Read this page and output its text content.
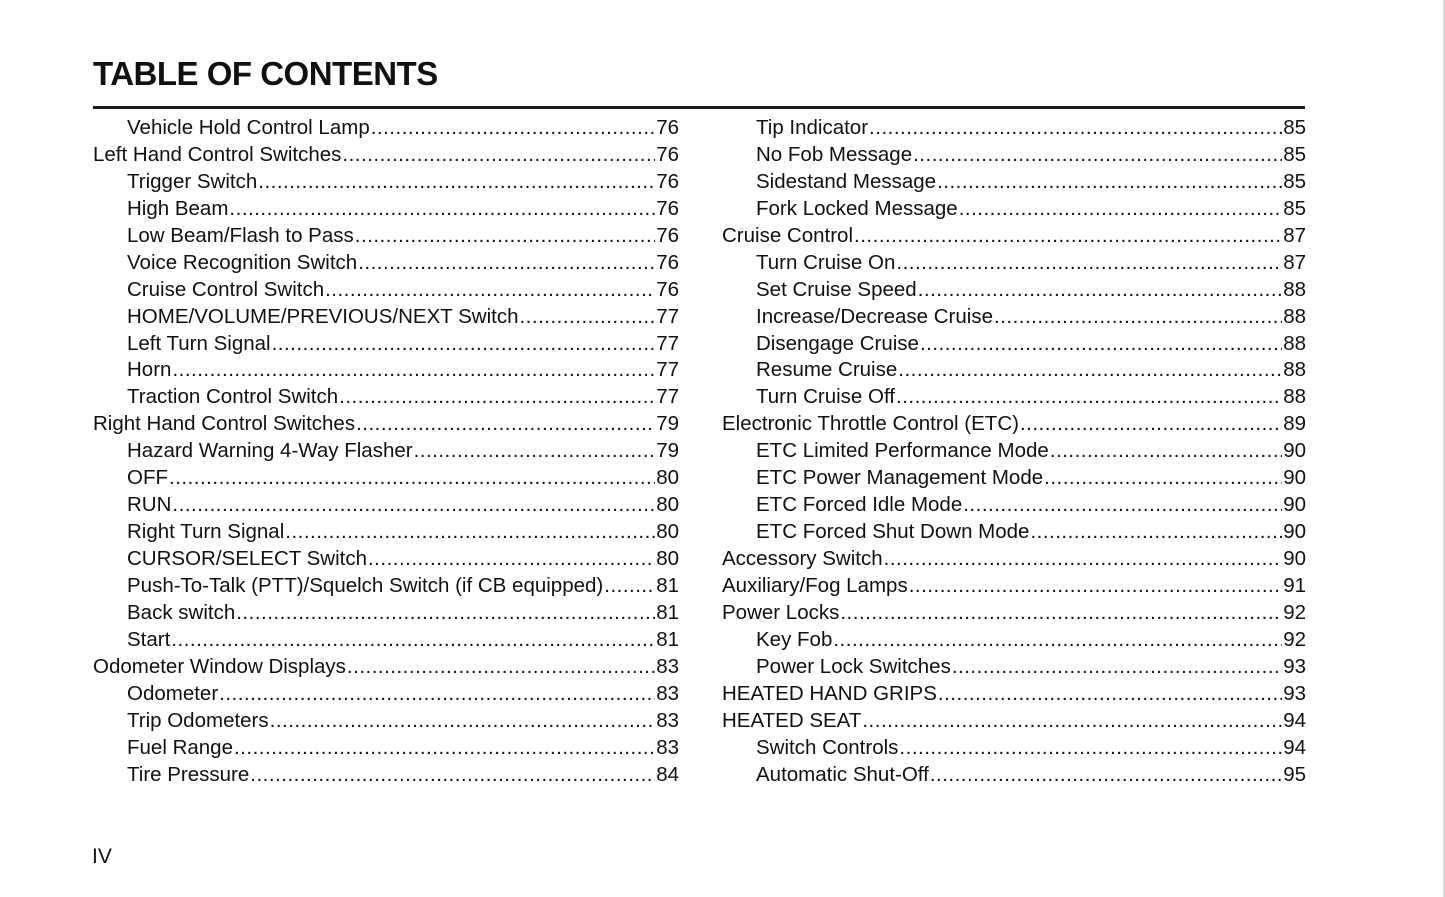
TABLE OF CONTENTS
Vehicle Hold Control Lamp .....	76
Left Hand Control Switches .....	76
Trigger Switch .....	76
High Beam .....	76
Low Beam/Flash to Pass .....	76
Voice Recognition Switch .....	76
Cruise Control Switch .....	76
HOME/VOLUME/PREVIOUS/NEXT Switch .....	77
Left Turn Signal .....	77
Horn .....	77
Traction Control Switch .....	77
Right Hand Control Switches .....	79
Hazard Warning 4-Way Flasher .....	79
OFF .....	80
RUN .....	80
Right Turn Signal .....	80
CURSOR/SELECT Switch .....	80
Push-To-Talk (PTT)/Squelch Switch (if CB equipped) .....	81
Back switch .....	81
Start .....	81
Odometer Window Displays .....	83
Odometer .....	83
Trip Odometers .....	83
Fuel Range .....	83
Tire Pressure .....	84
Tip Indicator .....	85
No Fob Message .....	85
Sidestand Message .....	85
Fork Locked Message .....	85
Cruise Control .....	87
Turn Cruise On .....	87
Set Cruise Speed .....	88
Increase/Decrease Cruise .....	88
Disengage Cruise .....	88
Resume Cruise .....	88
Turn Cruise Off .....	88
Electronic Throttle Control (ETC) .....	89
ETC Limited Performance Mode .....	90
ETC Power Management Mode .....	90
ETC Forced Idle Mode .....	90
ETC Forced Shut Down Mode .....	90
Accessory Switch .....	90
Auxiliary/Fog Lamps .....	91
Power Locks .....	92
Key Fob .....	92
Power Lock Switches .....	93
HEATED HAND GRIPS .....	93
HEATED SEAT .....	94
Switch Controls .....	94
Automatic Shut-Off .....	95
IV
